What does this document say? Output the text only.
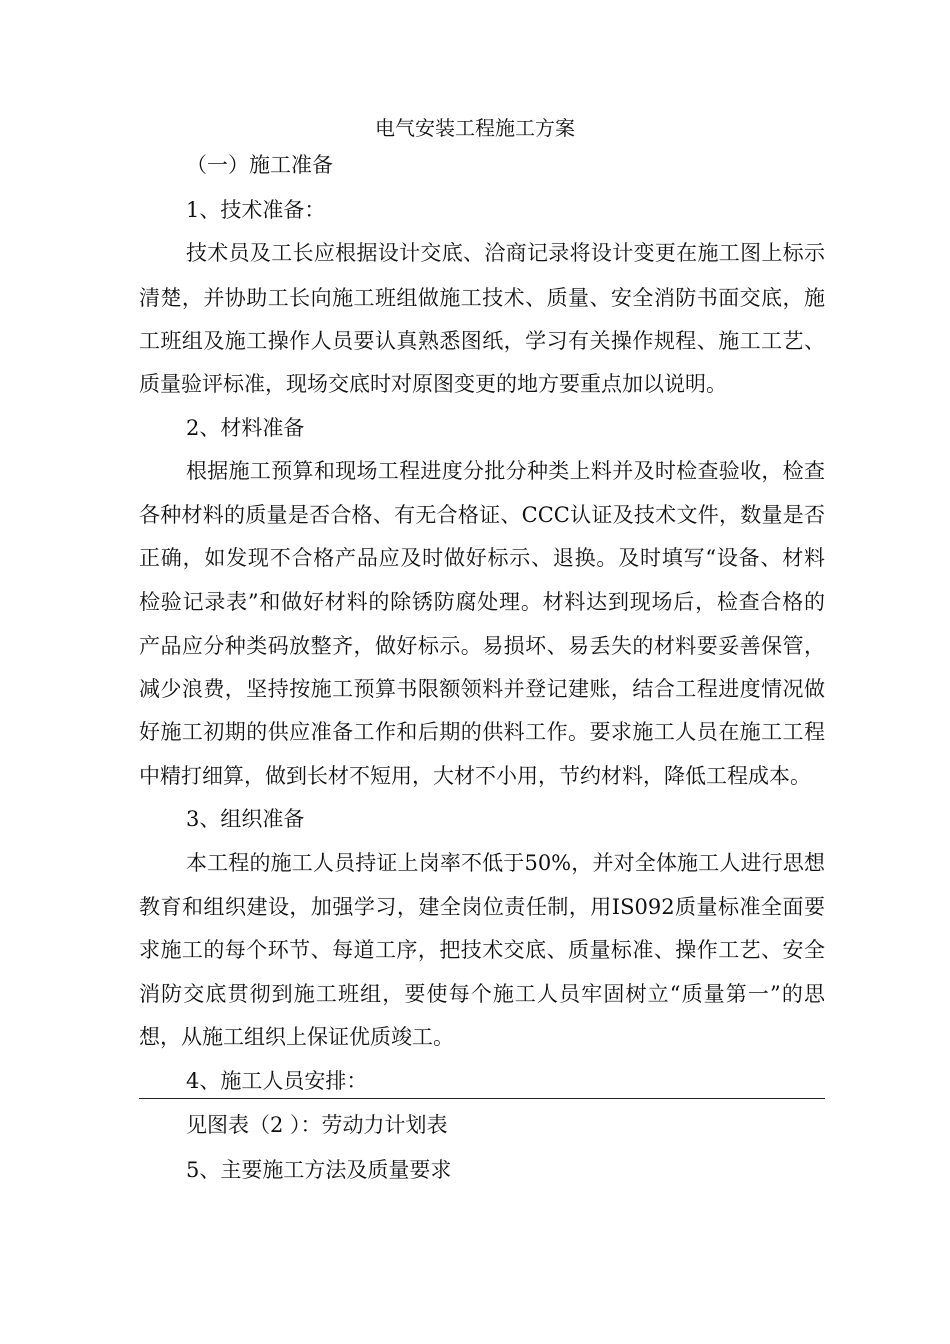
电气安装工程施工方案
（一）施工准备
1、技术准备：
技术员及工长应根据设计交底、洽商记录将设计变更在施工图上标示
清楚，并协助工长向施工班组做施工技术、质量、安全消防书面交底，施
工班组及施工操作人员要认真熟悉图纸，学习有关操作规程、施工工艺、
质量验评标准，现场交底时对原图变更的地方要重点加以说明。
2、材料准备
根据施工预算和现场工程进度分批分种类上料并及时检查验收，检查
各种材料的质量是否合格、有无合格证、CCC认证及技术文件，数量是否
正确，如发现不合格产品应及时做好标示、退换。及时填写“设备、材料
检验记录表”和做好材料的除锈防腐处理。材料达到现场后，检查合格的
产品应分种类码放整齐，做好标示。易损坏、易丢失的材料要妥善保管，
减少浪费，坚持按施工预算书限额领料并登记建账，结合工程进度情况做
好施工初期的供应准备工作和后期的供料工作。要求施工人员在施工工程
中精打细算，做到长材不短用，大材不小用，节约材料，降低工程成本。
3、组织准备
本工程的施工人员持证上岗率不低于50%，并对全体施工人进行思想
教育和组织建设，加强学习，建全岗位责任制，用IS092质量标准全面要
求施工的每个环节、每道工序，把技术交底、质量标准、操作工艺、安全
消防交底贯彻到施工班组，要使每个施工人员牢固树立“质量第一”的思
想，从施工组织上保证优质竣工。
4、施工人员安排：
见图表（2 ）：劳动力计划表
5、主要施工方法及质量要求
